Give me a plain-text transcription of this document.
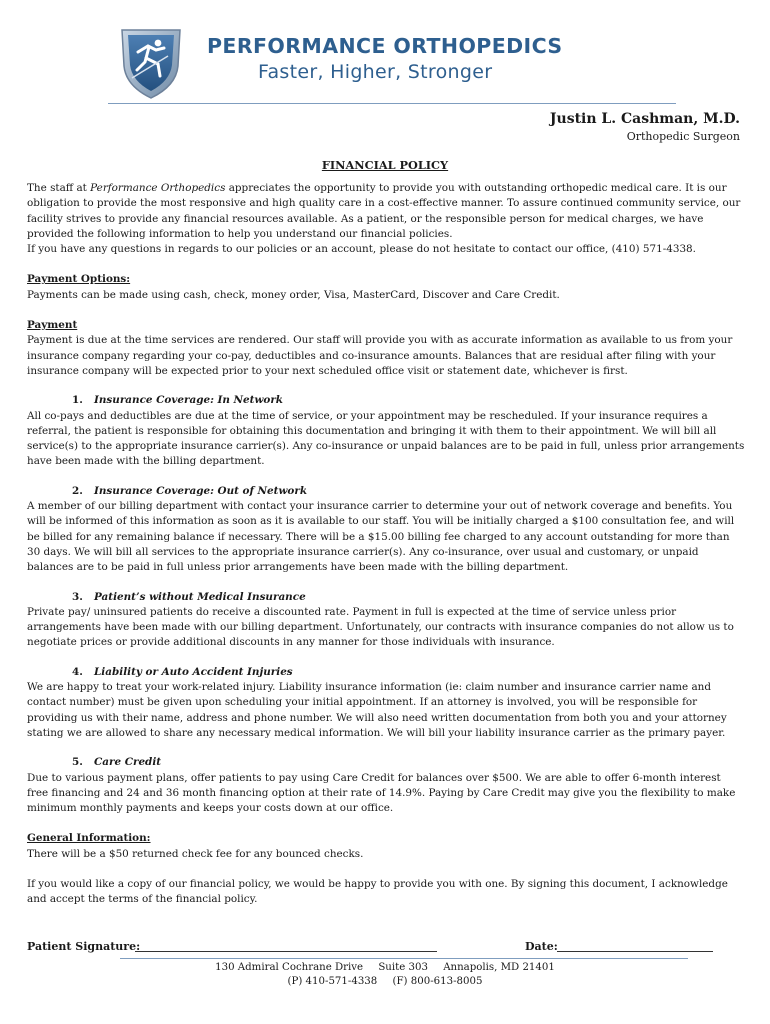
PERFORMANCE ORTHOPEDICS
Faster, Higher, Stronger
Justin L. Cashman, M.D.
Orthopedic Surgeon
FINANCIAL POLICY

The staff at Performance Orthopedics appreciates the opportunity to provide you with outstanding orthopedic medical care. It is our obligation to provide the most responsive and high quality care in a cost-effective manner. To assure continued community service, our facility strives to provide any financial resources available. As a patient, or the responsible person for medical charges, we have provided the following information to help you understand our financial policies.

If you have any questions in regards to our policies or an account, please do not hesitate to contact our office, (410) 571-4338.

Payment Options:

Payments can be made using cash, check, money order, Visa, MasterCard, Discover and Care Credit.

Payment

Payment is due at the time services are rendered. Our staff will provide you with as accurate information as available to us from your insurance company regarding your co-pay, deductibles and co-insurance amounts. Balances that are residual after filing with your insurance company will be expected prior to your next scheduled office visit or statement date, whichever is first.

1. Insurance Coverage: In Network

All co-pays and deductibles are due at the time of service, or your appointment may be rescheduled. If your insurance requires a referral, the patient is responsible for obtaining this documentation and bringing it with them to their appointment. We will bill all service(s) to the appropriate insurance carrier(s). Any co-insurance or unpaid balances are to be paid in full, unless prior arrangements have been made with the billing department.

2. Insurance Coverage: Out of Network

A member of our billing department with contact your insurance carrier to determine your out of network coverage and benefits. You will be informed of this information as soon as it is available to our staff. You will be initially charged a $100 consultation fee, and will be billed for any remaining balance if necessary. There will be a $15.00 billing fee charged to any account outstanding for more than 30 days. We will bill all services to the appropriate insurance carrier(s). Any co-insurance, over usual and customary, or unpaid balances are to be paid in full unless prior arrangements have been made with the billing department.

3. Patient’s without Medical Insurance

Private pay/ uninsured patients do receive a discounted rate. Payment in full is expected at the time of service unless prior arrangements have been made with our billing department. Unfortunately, our contracts with insurance companies do not allow us to negotiate prices or provide additional discounts in any manner for those individuals with insurance.

4. Liability or Auto Accident Injuries

We are happy to treat your work-related injury. Liability insurance information (ie: claim number and insurance carrier name and contact number) must be given upon scheduling your initial appointment. If an attorney is involved, you will be responsible for providing us with their name, address and phone number. We will also need written documentation from both you and your attorney stating we are allowed to share any necessary medical information. We will bill your liability insurance carrier as the primary payer.

5. Care Credit

Due to various payment plans, offer patients to pay using Care Credit for balances over $500. We are able to offer 6-month interest free financing and 24 and 36 month financing option at their rate of 14.9%. Paying by Care Credit may give you the flexibility to make minimum monthly payments and keeps your costs down at our office.

General Information:

There will be a $50 returned check fee for any bounced checks.

If you would like a copy of our financial policy, we would be happy to provide you with one. By signing this document, I acknowledge and accept the terms of the financial policy.

Patient Signature:	Date:
130 Admiral Cochrane Drive Suite 303 Annapolis, MD 21401
(P) 410-571-4338 (F) 800-613-8005
